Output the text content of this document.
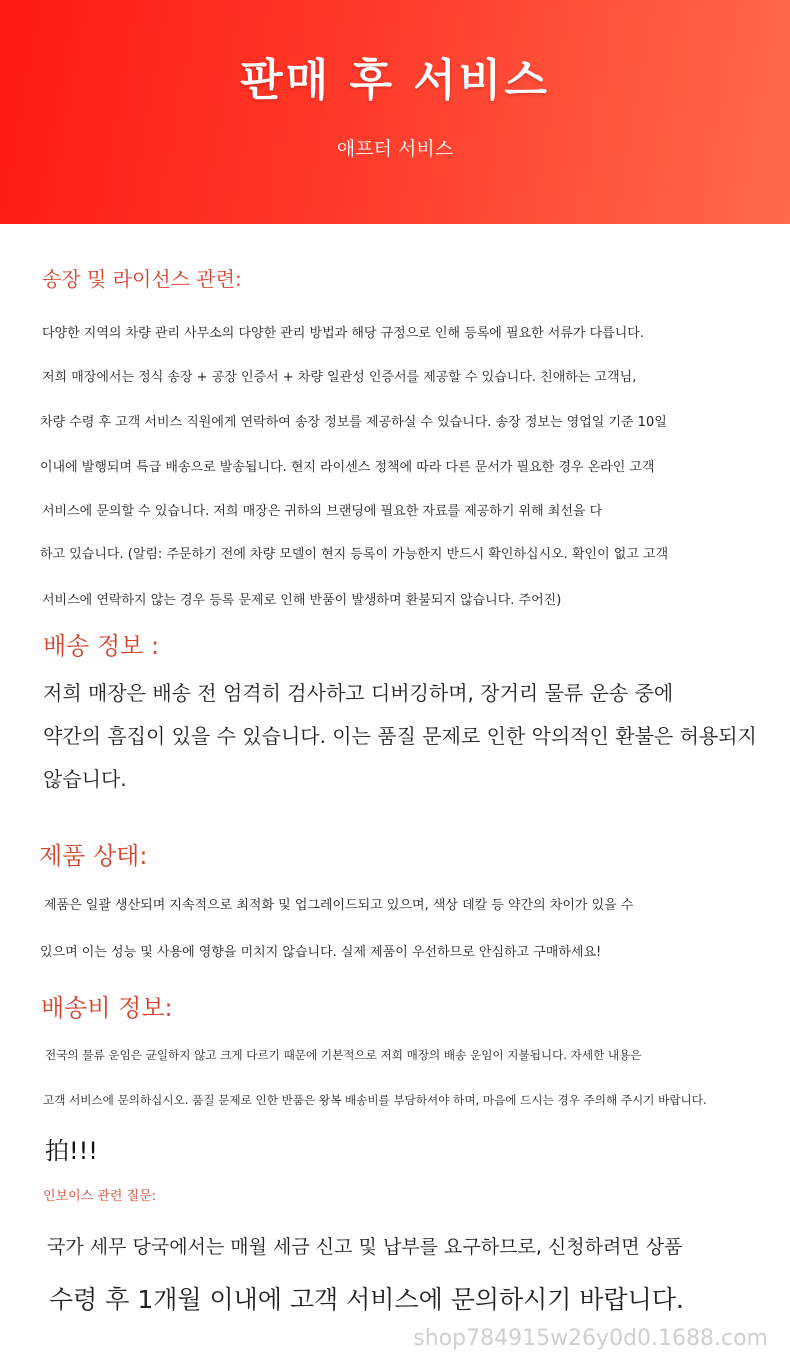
판매 후 서비스
애프터 서비스
송장 및 라이선스 관련:
다양한 지역의 차량 관리 사무소의 다양한 관리 방법과 해당 규정으로 인해 등록에 필요한 서류가 다릅니다.
저희 매장에서는 정식 송장 + 공장 인증서 + 차량 일관성 인증서를 제공할 수 있습니다. 친애하는 고객님,
차량 수령 후 고객 서비스 직원에게 연락하여 송장 정보를 제공하실 수 있습니다. 송장 정보는 영업일 기준 10일
이내에 발행되며 특급 배송으로 발송됩니다. 현지 라이센스 정책에 따라 다른 문서가 필요한 경우 온라인 고객
서비스에 문의할 수 있습니다. 저희 매장은 귀하의 브랜딩에 필요한 자료를 제공하기 위해 최선을 다
하고 있습니다. (알림: 주문하기 전에 차량 모델이 현지 등록이 가능한지 반드시 확인하십시오. 확인이 없고 고객
서비스에 연락하지 않는 경우 등록 문제로 인해 반품이 발생하며 환불되지 않습니다. 주어진)
배송 정보 :
저희 매장은 배송 전 엄격히 검사하고 디버깅하며, 장거리 물류 운송 중에
약간의 흠집이 있을 수 있습니다. 이는 품질 문제로 인한 악의적인 환불은 허용되지
않습니다.
제품 상태:
제품은 일괄 생산되며 지속적으로 최적화 및 업그레이드되고 있으며, 색상 데칼 등 약간의 차이가 있을 수
있으며 이는 성능 및 사용에 영향을 미치지 않습니다. 실제 제품이 우선하므로 안심하고 구매하세요!
배송비 정보:
전국의 물류 운임은 균일하지 않고 크게 다르기 때문에 기본적으로 저희 매장의 배송 운임이 지불됩니다. 자세한 내용은
고객 서비스에 문의하십시오. 품질 문제로 인한 반품은 왕복 배송비를 부담하셔야 하며, 마음에 드시는 경우 주의해 주시기 바랍니다.
拍!!!
인보이스 관련 질문:
국가 세무 당국에서는 매월 세금 신고 및 납부를 요구하므로, 신청하려면 상품
수령 후 1개월 이내에 고객 서비스에 문의하시기 바랍니다.
shop784915w26y0d0.1688.com
